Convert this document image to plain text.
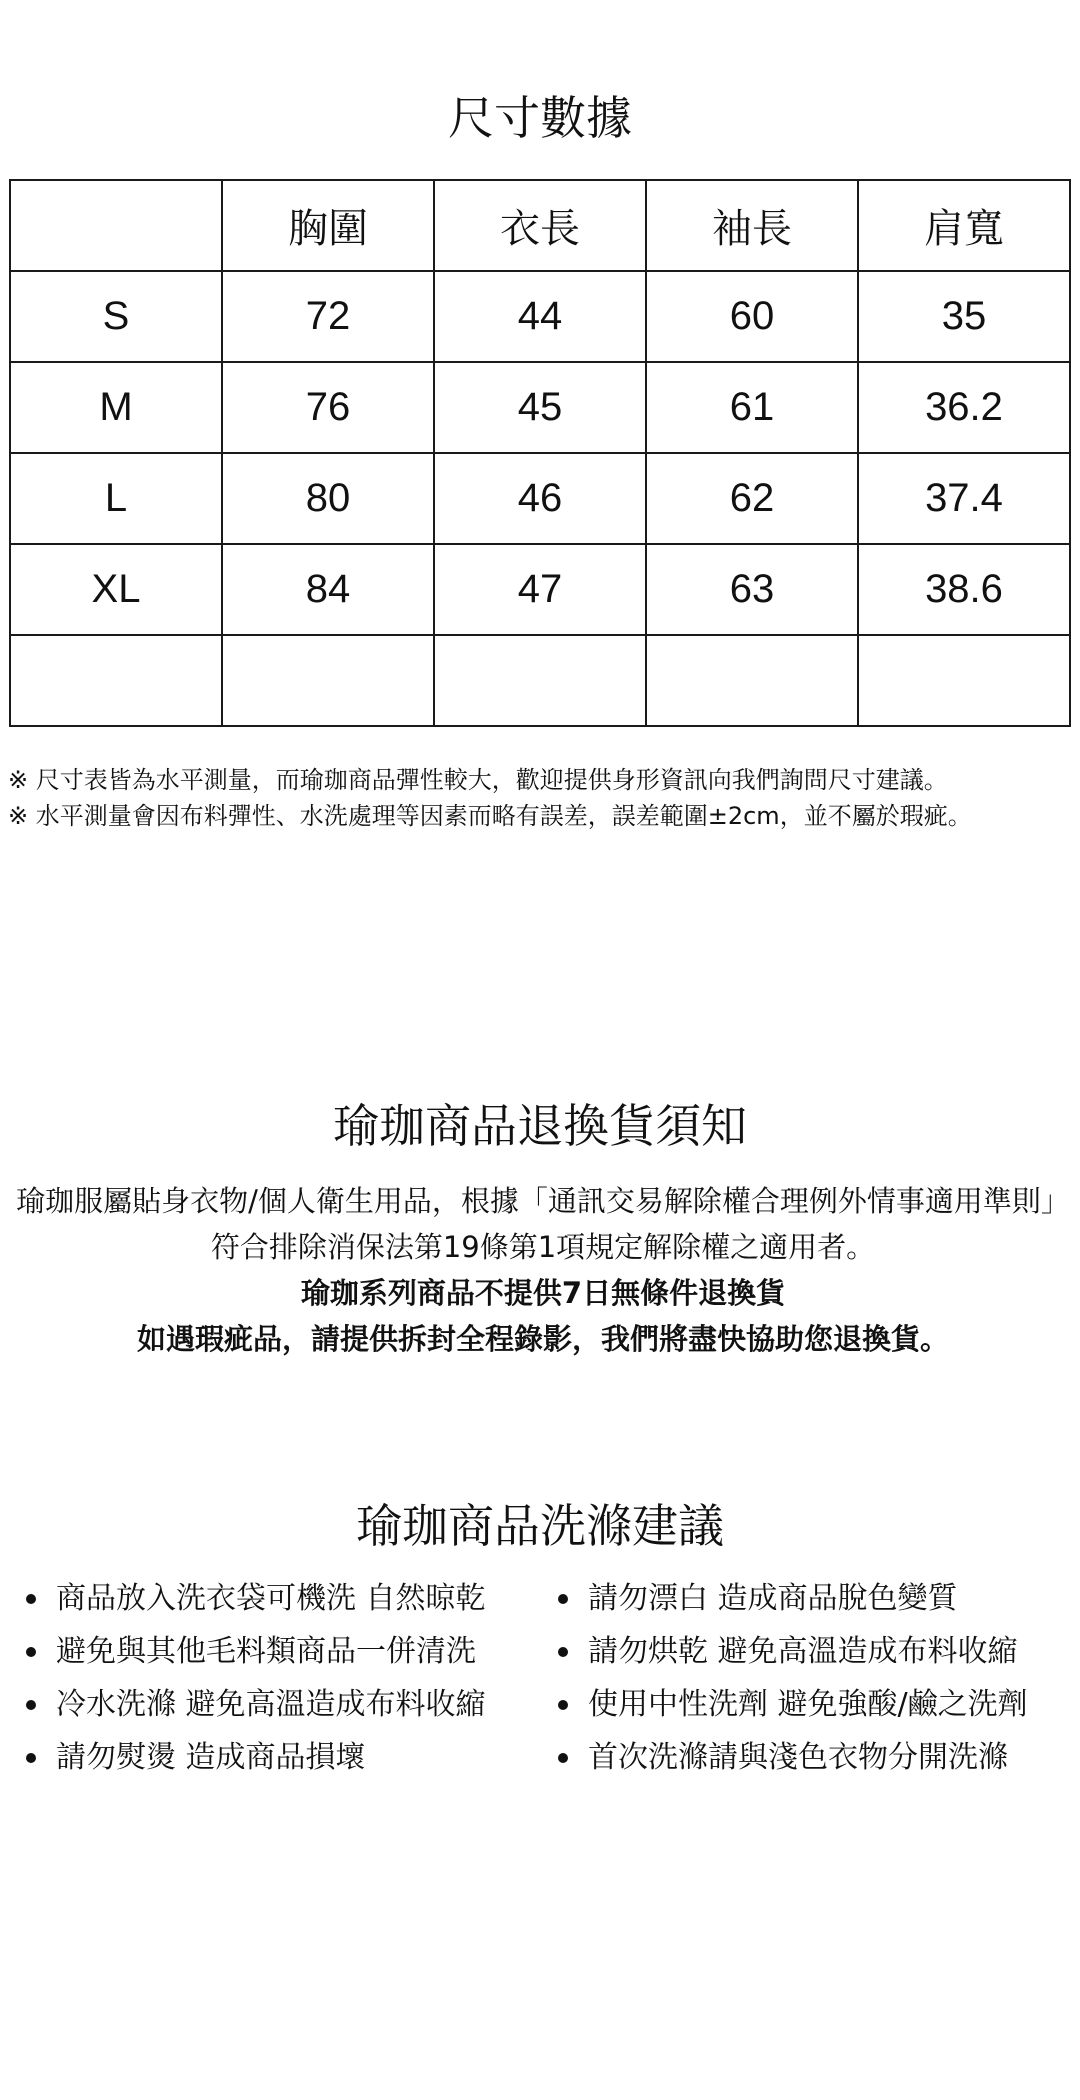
尺寸數據
	胸圍	衣長	袖長	肩寬
S	72	44	60	35
M	76	45	61	36.2
L	80	46	62	37.4
XL	84	47	63	38.6

※ 尺寸表皆為水平測量，而瑜珈商品彈性較大，歡迎提供身形資訊向我們詢問尺寸建議。

※ 水平測量會因布料彈性、水洗處理等因素而略有誤差，誤差範圍±2cm，並不屬於瑕疵。

瑜珈商品退換貨須知

瑜珈服屬貼身衣物/個人衛生用品，根據「通訊交易解除權合理例外情事適用準則」符合排除消保法第19條第1項規定解除權之適用者。

瑜珈系列商品不提供7日無條件退換貨

如遇瑕疵品，請提供拆封全程錄影，我們將盡快協助您退換貨。

瑜珈商品洗滌建議
商品放入洗衣袋可機洗 自然晾乾
避免與其他毛料類商品一併清洗
冷水洗滌 避免高溫造成布料收縮
請勿熨燙 造成商品損壞
請勿漂白 造成商品脫色變質
請勿烘乾 避免高溫造成布料收縮
使用中性洗劑 避免強酸/鹼之洗劑
首次洗滌請與淺色衣物分開洗滌
